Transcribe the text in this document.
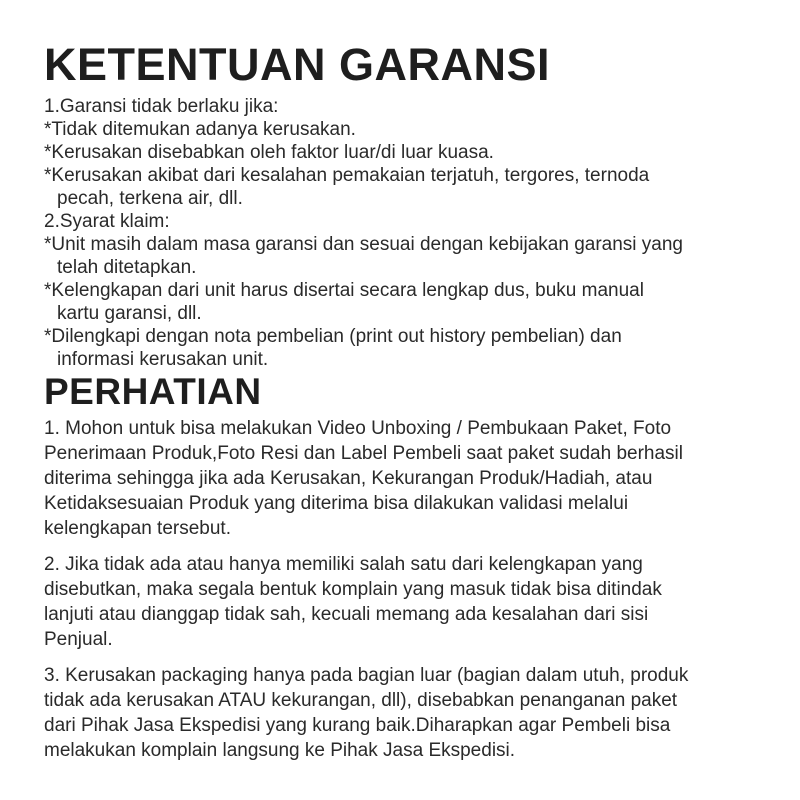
KETENTUAN GARANSI
1.Garansi tidak berlaku jika:
*Tidak ditemukan adanya kerusakan.
*Kerusakan disebabkan oleh faktor luar/di luar kuasa.
*Kerusakan akibat dari kesalahan pemakaian terjatuh, tergores, ternoda
pecah, terkena air, dll.
2.Syarat klaim:
*Unit masih dalam masa garansi dan sesuai dengan kebijakan garansi yang
telah ditetapkan.
*Kelengkapan dari unit harus disertai secara lengkap dus, buku manual
kartu garansi, dll.
*Dilengkapi dengan nota pembelian (print out history pembelian) dan
informasi kerusakan unit.
PERHATIAN
1. Mohon untuk bisa melakukan Video Unboxing / Pembukaan Paket, Foto
Penerimaan Produk,Foto Resi dan Label Pembeli saat paket sudah berhasil
diterima sehingga jika ada Kerusakan, Kekurangan Produk/Hadiah, atau
Ketidaksesuaian Produk yang diterima bisa dilakukan validasi melalui
kelengkapan tersebut.
2. Jika tidak ada atau hanya memiliki salah satu dari kelengkapan yang
disebutkan, maka segala bentuk komplain yang masuk tidak bisa ditindak
lanjuti atau dianggap tidak sah, kecuali memang ada kesalahan dari sisi
Penjual.
3. Kerusakan packaging hanya pada bagian luar (bagian dalam utuh, produk
tidak ada kerusakan ATAU kekurangan, dll), disebabkan penanganan paket
dari Pihak Jasa Ekspedisi yang kurang baik.Diharapkan agar Pembeli bisa
melakukan komplain langsung ke Pihak Jasa Ekspedisi.
